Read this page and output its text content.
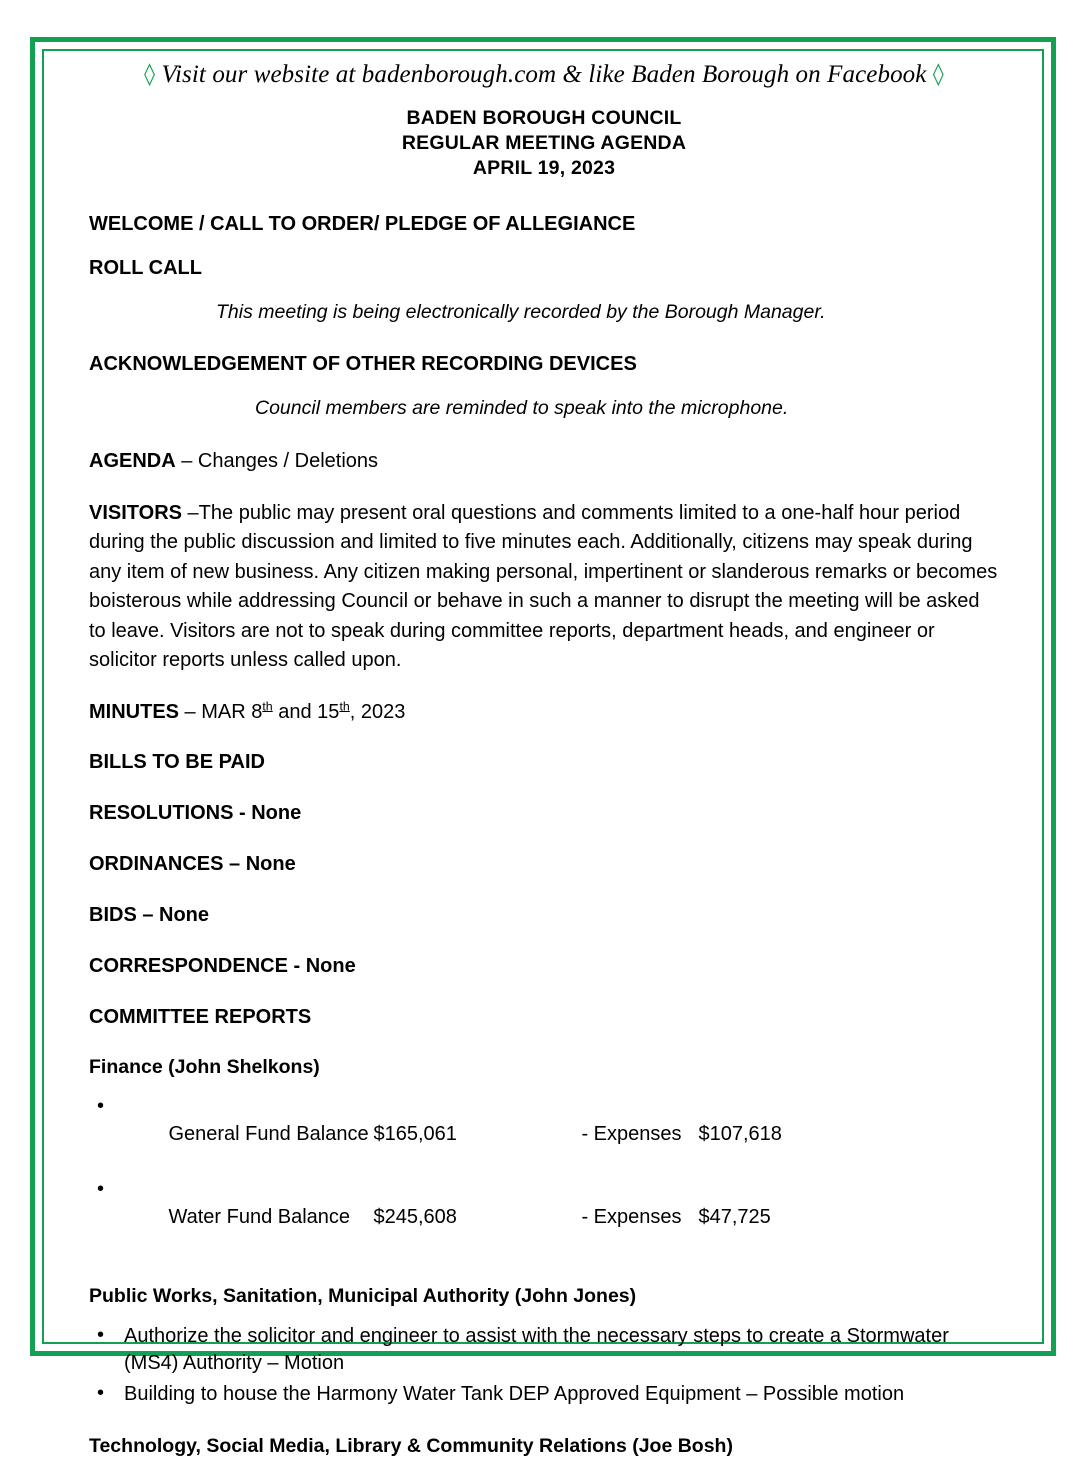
◊ Visit our website at badenborough.com & like Baden Borough on Facebook ◊

BADEN BOROUGH COUNCIL
REGULAR MEETING AGENDA
APRIL 19, 2023

WELCOME / CALL TO ORDER/ PLEDGE OF ALLEGIANCE

ROLL CALL

This meeting is being electronically recorded by the Borough Manager.

ACKNOWLEDGEMENT OF OTHER RECORDING DEVICES

Council members are reminded to speak into the microphone.

AGENDA – Changes / Deletions

VISITORS –The public may present oral questions and comments limited to a one-half hour period during the public discussion and limited to five minutes each. Additionally, citizens may speak during any item of new business. Any citizen making personal, impertinent or slanderous remarks or becomes boisterous while addressing Council or behave in such a manner to disrupt the meeting will be asked to leave. Visitors are not to speak during committee reports, department heads, and engineer or solicitor reports unless called upon.

MINUTES – MAR 8th and 15th, 2023

BILLS TO BE PAID

RESOLUTIONS - None

ORDINANCES – None

BIDS – None

CORRESPONDENCE - None

COMMITTEE REPORTS

Finance (John Shelkons)

•
General Fund Balance $165,061	- Expenses $107,618

•
Water Fund Balance $245,608	- Expenses $47,725

Public Works, Sanitation, Municipal Authority (John Jones)

• Authorize the solicitor and engineer to assist with the necessary steps to create a Stormwater (MS4) Authority – Motion
• Building to house the Harmony Water Tank DEP Approved Equipment – Possible motion

Technology, Social Media, Library & Community Relations (Joe Bosh)
